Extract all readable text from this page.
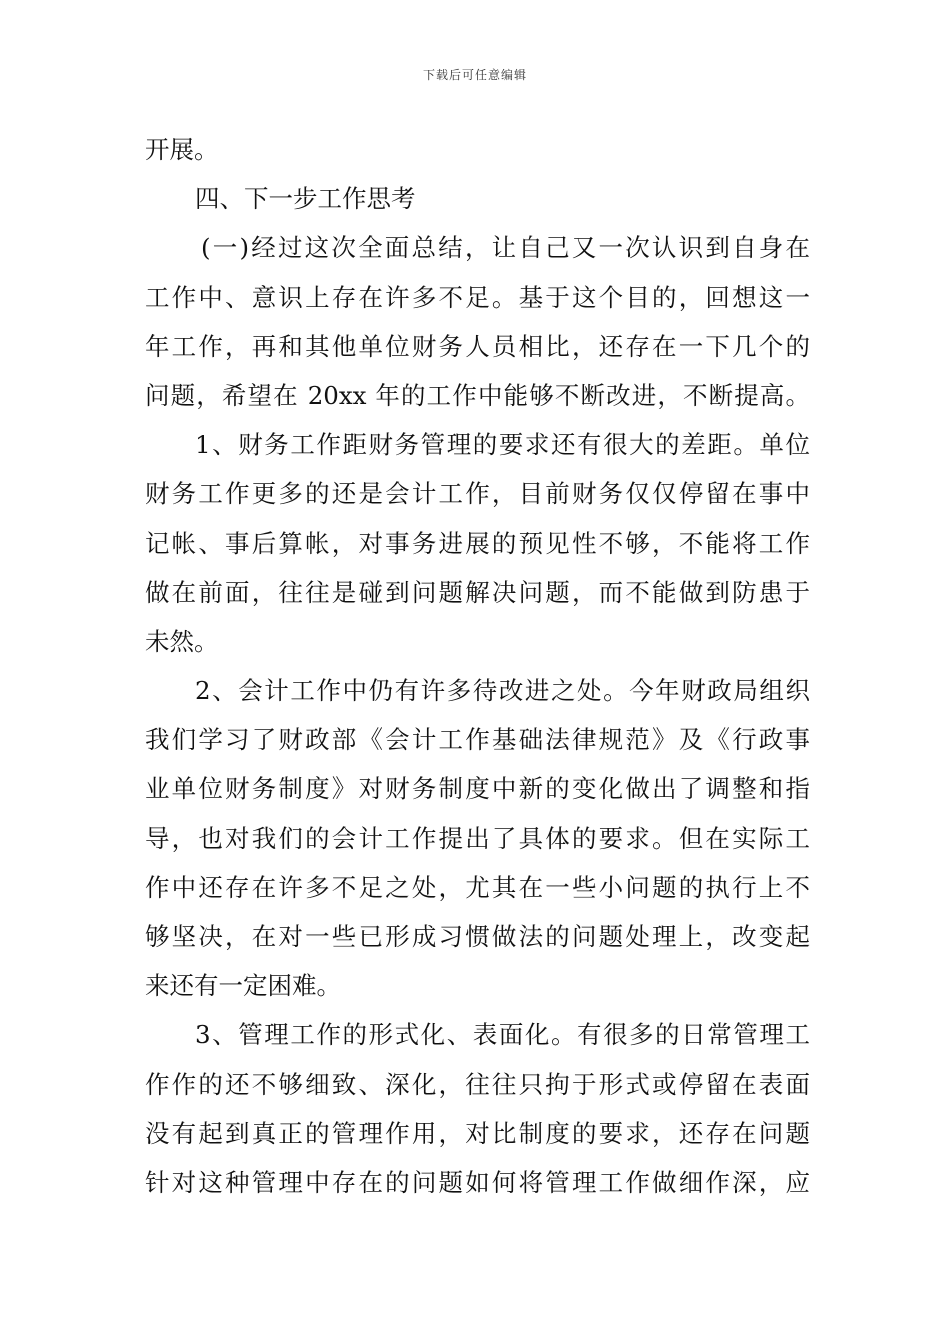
下载后可任意编辑
开展。
四、下一步工作思考
(一)经过这次全面总结，让自己又一次认识到自身在
工作中、意识上存在许多不足。基于这个目的，回想这一
年工作，再和其他单位财务人员相比，还存在一下几个的
问题，希望在 20xx 年的工作中能够不断改进，不断提高。
1、财务工作距财务管理的要求还有很大的差距。单位
财务工作更多的还是会计工作，目前财务仅仅停留在事中
记帐、事后算帐，对事务进展的预见性不够，不能将工作
做在前面，往往是碰到问题解决问题，而不能做到防患于
未然。
2、会计工作中仍有许多待改进之处。今年财政局组织
我们学习了财政部《会计工作基础法律规范》及《行政事
业单位财务制度》对财务制度中新的变化做出了调整和指
导，也对我们的会计工作提出了具体的要求。但在实际工
作中还存在许多不足之处，尤其在一些小问题的执行上不
够坚决，在对一些已形成习惯做法的问题处理上，改变起
来还有一定困难。
3、管理工作的形式化、表面化。有很多的日常管理工
作作的还不够细致、深化，往往只拘于形式或停留在表面
没有起到真正的管理作用，对比制度的要求，还存在问题
针对这种管理中存在的问题如何将管理工作做细作深，应
